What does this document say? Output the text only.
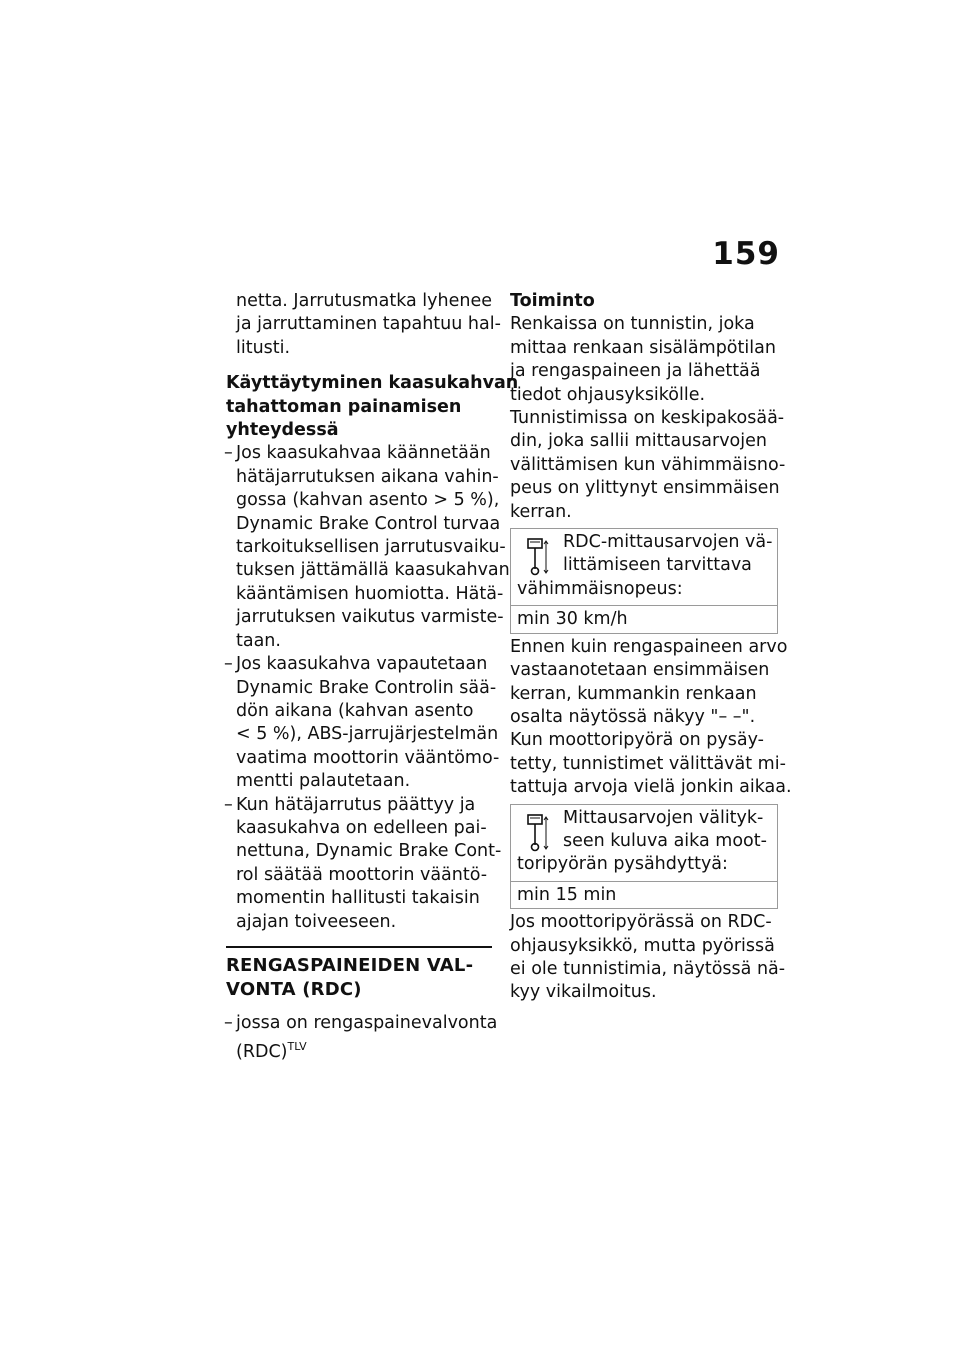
159
netta. Jarrutusmatka lyhenee
ja jarruttaminen tapahtuu hal-
litusti.
Käyttäytyminen kaasukahvan
tahattoman painamisen
yhteydessä
– Jos kaasukahvaa käännetään
hätäjarrutuksen aikana vahin-
gossa (kahvan asento > 5 %),
Dynamic Brake Control turvaa
tarkoituksellisen jarrutusvaiku-
tuksen jättämällä kaasukahvan
kääntämisen huomiotta. Hätä-
jarrutuksen vaikutus varmiste-
taan.
– Jos kaasukahva vapautetaan
Dynamic Brake Controlin sää-
dön aikana (kahvan asento
< 5 %), ABS-jarrujärjestelmän
vaatima moottorin vääntömo-
mentti palautetaan.
– Kun hätäjarrutus päättyy ja
kaasukahva on edelleen pai-
nettuna, Dynamic Brake Cont-
rol säätää moottorin vääntö-
momentin hallitusti takaisin
ajajan toiveeseen.
RENGASPAINEIDEN VAL-
VONTA (RDC)
– jossa on rengaspainevalvonta
(RDC)$^{TLV}$
Toiminto
Renkaissa on tunnistin, joka
mittaa renkaan sisälämpötilan
ja rengaspaineen ja lähettää
tiedot ohjausyksikölle.
Tunnistimissa on keskipakosää-
din, joka sallii mittausarvojen
välittämisen kun vähimmäisno-
peus on ylittynyt ensimmäisen
kerran.
RDC-mittausarvojen vä-
littämiseen tarvittava
vähimmäisnopeus:
min 30 km/h
Ennen kuin rengaspaineen arvo
vastaanotetaan ensimmäisen
kerran, kummankin renkaan
osalta näytössä näkyy "– –".
Kun moottoripyörä on pysäy-
tetty, tunnistimet välittävät mi-
tattuja arvoja vielä jonkin aikaa.
Mittausarvojen välityk-
seen kuluva aika moot-
toripyörän pysähdyttyä:
min 15 min
Jos moottoripyörässä on RDC-
ohjausyksikkö, mutta pyörissä
ei ole tunnistimia, näytössä nä-
kyy vikailmoitus.
